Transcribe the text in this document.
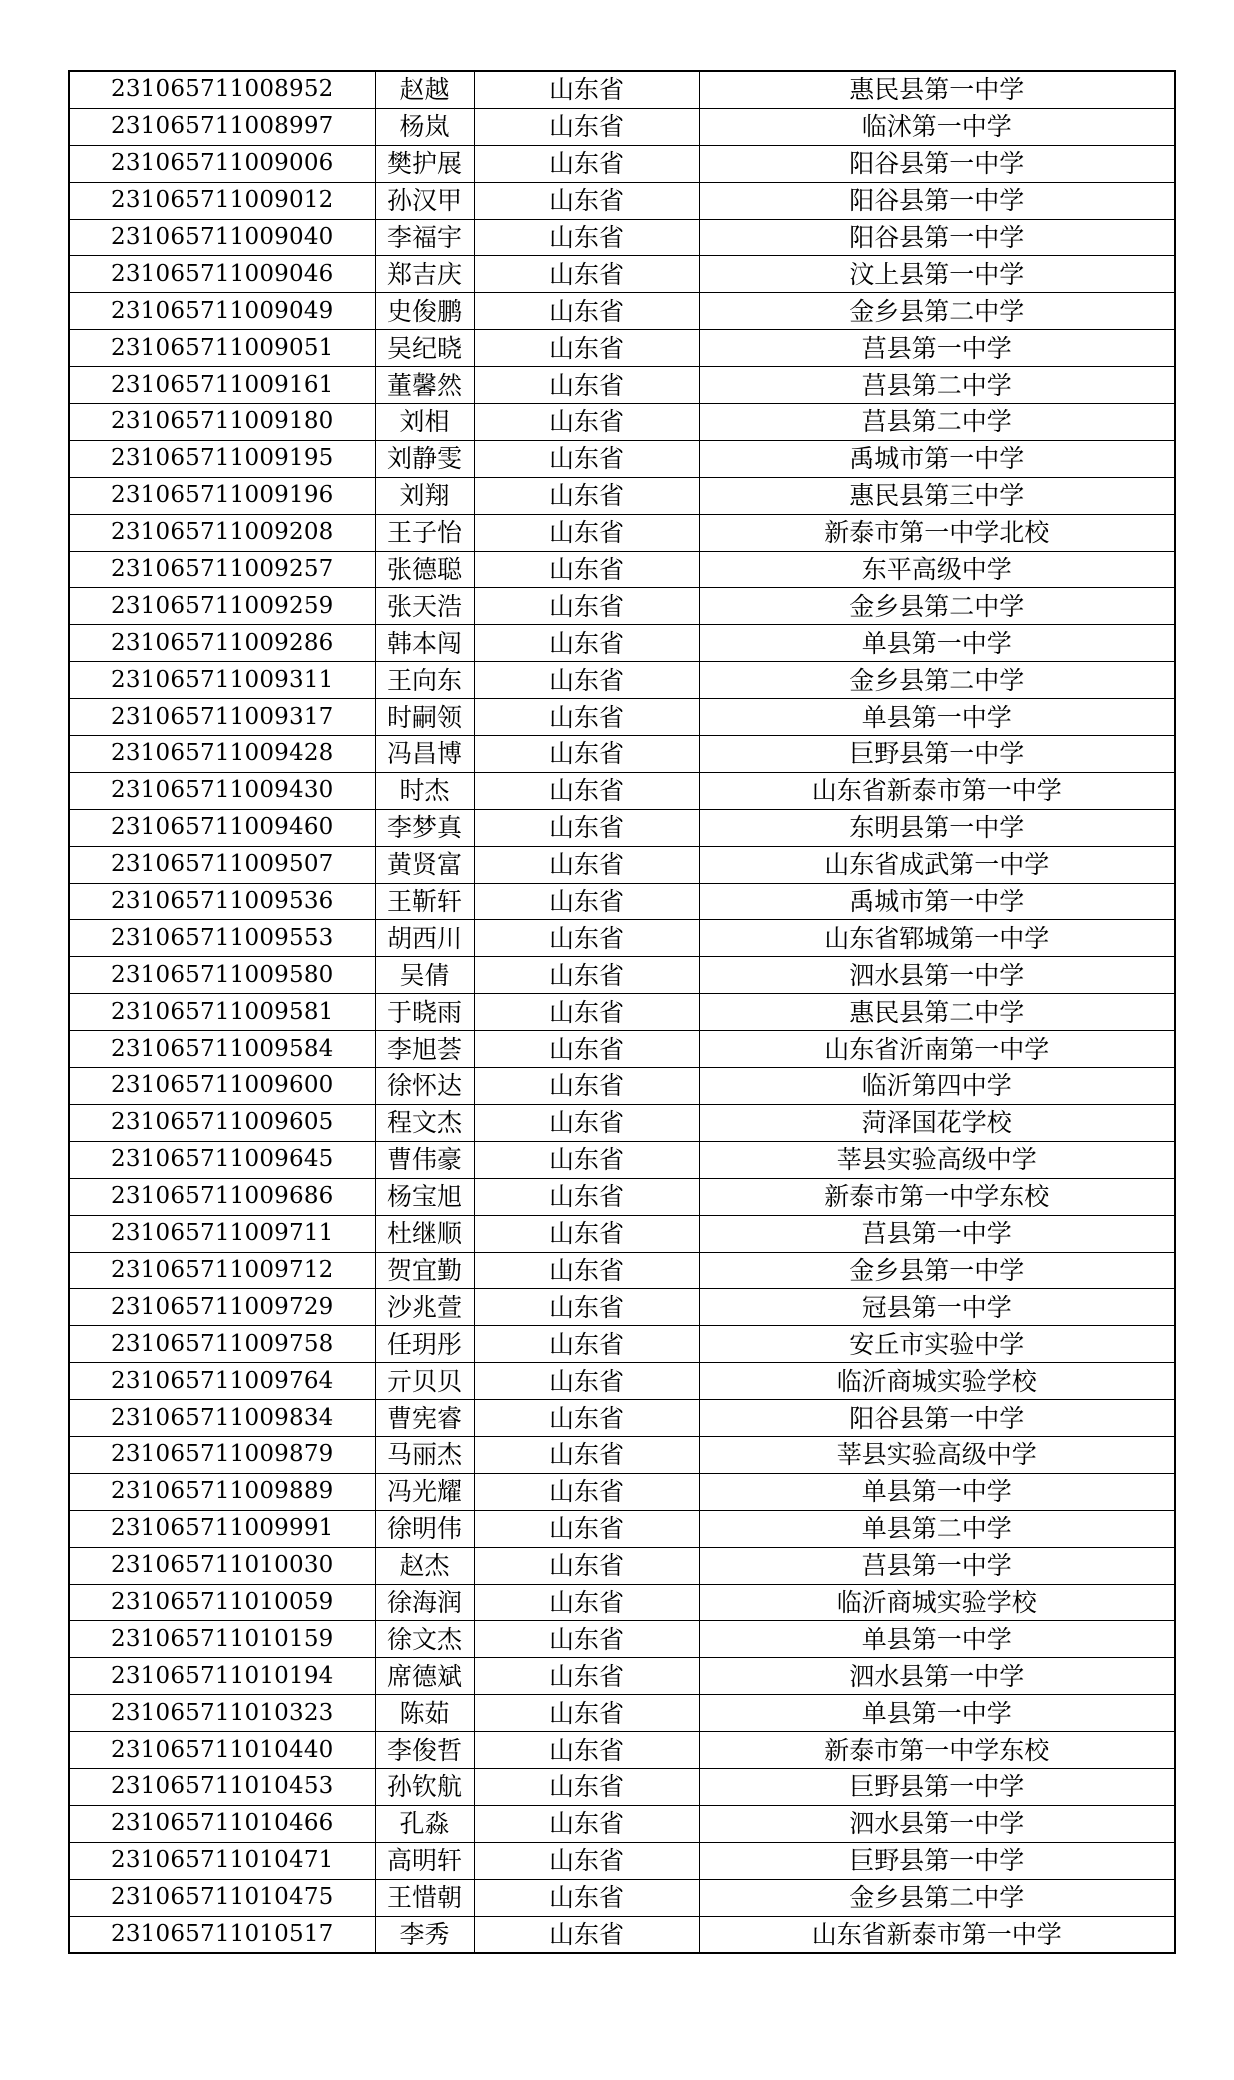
231065711008952	赵越	山东省	惠民县第一中学
231065711008997	杨岚	山东省	临沭第一中学
231065711009006	樊护展	山东省	阳谷县第一中学
231065711009012	孙汉甲	山东省	阳谷县第一中学
231065711009040	李福宇	山东省	阳谷县第一中学
231065711009046	郑吉庆	山东省	汶上县第一中学
231065711009049	史俊鹏	山东省	金乡县第二中学
231065711009051	吴纪晓	山东省	莒县第一中学
231065711009161	董馨然	山东省	莒县第二中学
231065711009180	刘相	山东省	莒县第二中学
231065711009195	刘静雯	山东省	禹城市第一中学
231065711009196	刘翔	山东省	惠民县第三中学
231065711009208	王子怡	山东省	新泰市第一中学北校
231065711009257	张德聪	山东省	东平高级中学
231065711009259	张天浩	山东省	金乡县第二中学
231065711009286	韩本闯	山东省	单县第一中学
231065711009311	王向东	山东省	金乡县第二中学
231065711009317	时嗣领	山东省	单县第一中学
231065711009428	冯昌博	山东省	巨野县第一中学
231065711009430	时杰	山东省	山东省新泰市第一中学
231065711009460	李梦真	山东省	东明县第一中学
231065711009507	黄贤富	山东省	山东省成武第一中学
231065711009536	王靳轩	山东省	禹城市第一中学
231065711009553	胡西川	山东省	山东省郓城第一中学
231065711009580	吴倩	山东省	泗水县第一中学
231065711009581	于晓雨	山东省	惠民县第二中学
231065711009584	李旭荟	山东省	山东省沂南第一中学
231065711009600	徐怀达	山东省	临沂第四中学
231065711009605	程文杰	山东省	菏泽国花学校
231065711009645	曹伟豪	山东省	莘县实验高级中学
231065711009686	杨宝旭	山东省	新泰市第一中学东校
231065711009711	杜继顺	山东省	莒县第一中学
231065711009712	贺宜勤	山东省	金乡县第一中学
231065711009729	沙兆萱	山东省	冠县第一中学
231065711009758	任玥彤	山东省	安丘市实验中学
231065711009764	亓贝贝	山东省	临沂商城实验学校
231065711009834	曹宪睿	山东省	阳谷县第一中学
231065711009879	马丽杰	山东省	莘县实验高级中学
231065711009889	冯光耀	山东省	单县第一中学
231065711009991	徐明伟	山东省	单县第二中学
231065711010030	赵杰	山东省	莒县第一中学
231065711010059	徐海润	山东省	临沂商城实验学校
231065711010159	徐文杰	山东省	单县第一中学
231065711010194	席德斌	山东省	泗水县第一中学
231065711010323	陈茹	山东省	单县第一中学
231065711010440	李俊哲	山东省	新泰市第一中学东校
231065711010453	孙钦航	山东省	巨野县第一中学
231065711010466	孔淼	山东省	泗水县第一中学
231065711010471	高明轩	山东省	巨野县第一中学
231065711010475	王惜朝	山东省	金乡县第二中学
231065711010517	李秀	山东省	山东省新泰市第一中学
